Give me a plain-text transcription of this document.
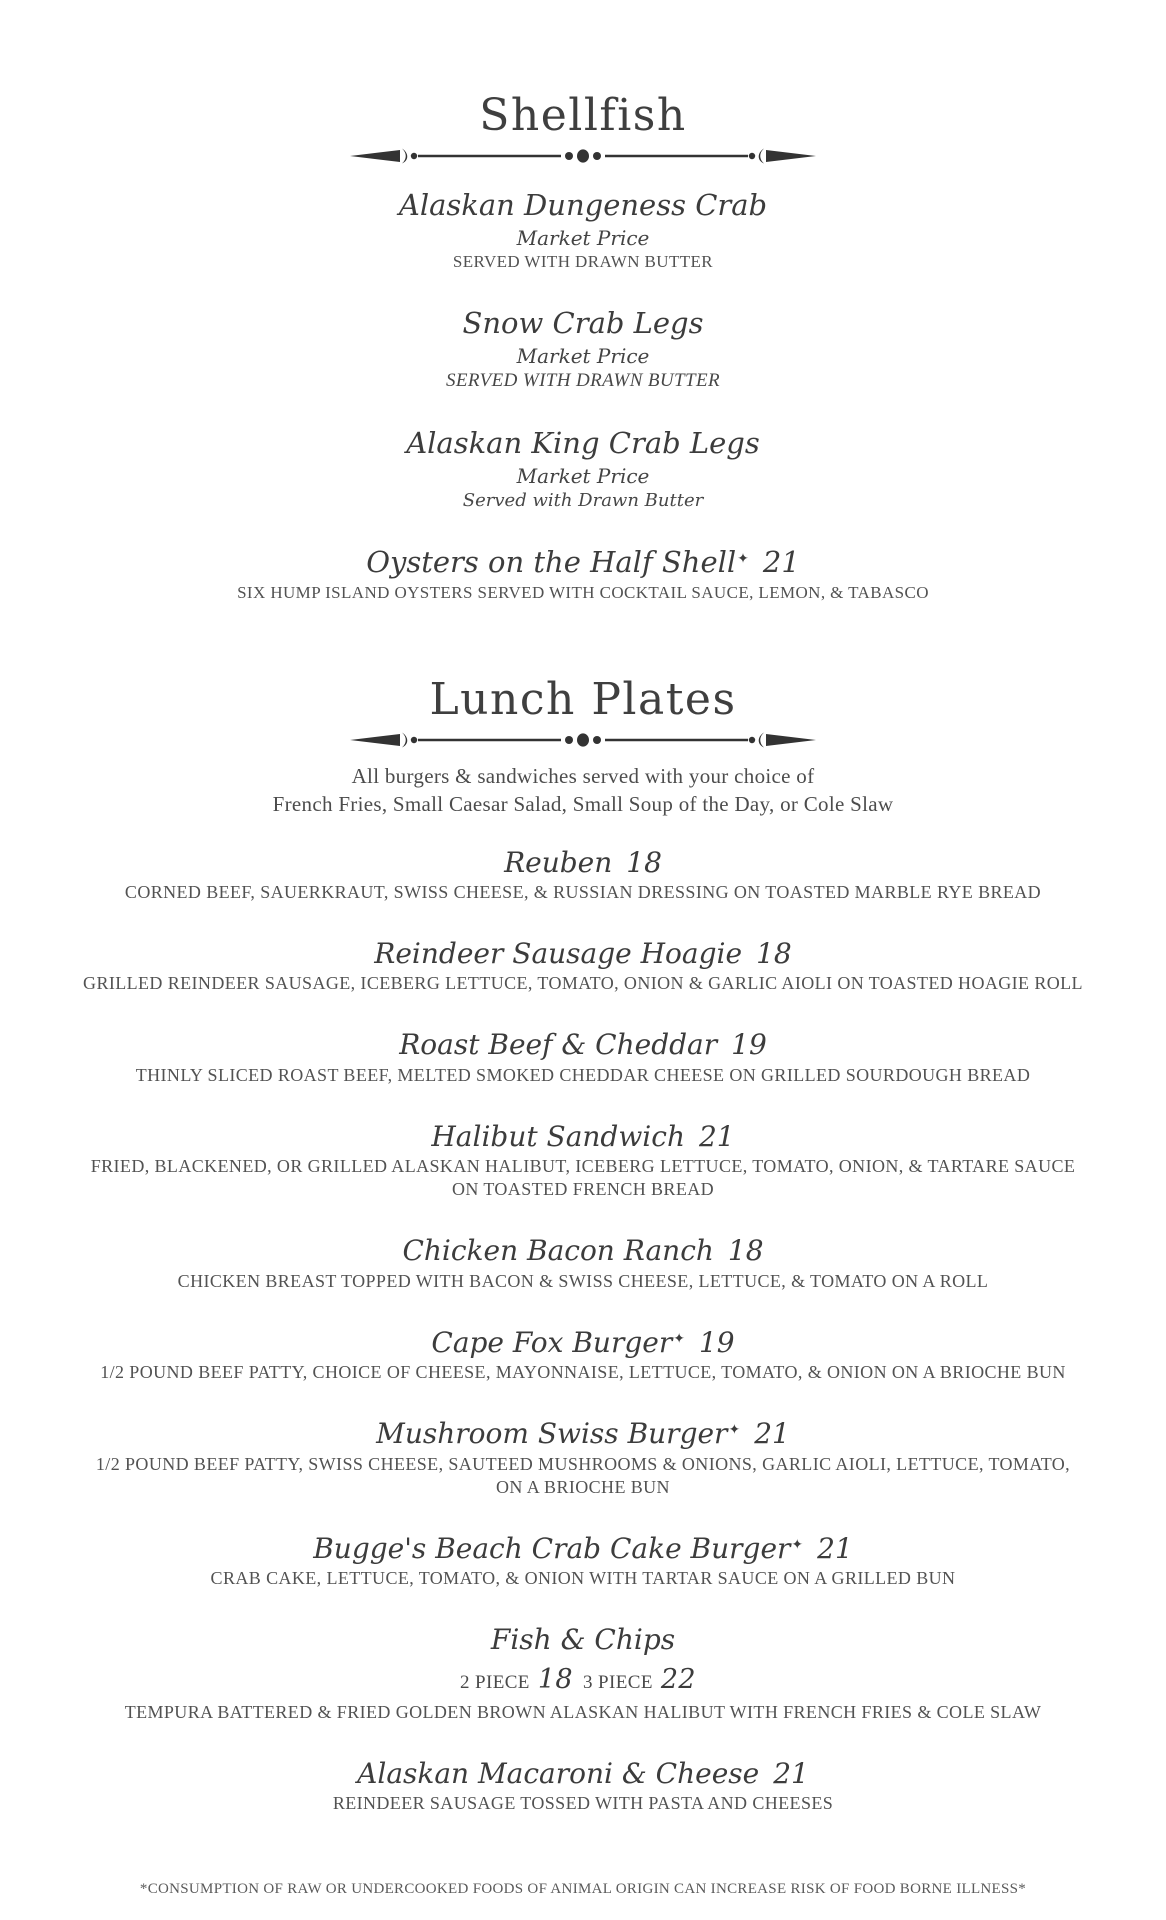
Shellfish
Alaskan Dungeness Crab
Market Price
SERVED WITH DRAWN BUTTER
Snow Crab Legs
Market Price
SERVED WITH DRAWN BUTTER
Alaskan King Crab Legs
Market Price
Served with Drawn Butter
Oysters on the Half Shell✦ 21
SIX HUMP ISLAND OYSTERS SERVED WITH COCKTAIL SAUCE, LEMON, & TABASCO
Lunch Plates
All burgers & sandwiches served with your choice of
French Fries, Small Caesar Salad, Small Soup of the Day, or Cole Slaw
Reuben 18
CORNED BEEF, SAUERKRAUT, SWISS CHEESE, & RUSSIAN DRESSING ON TOASTED MARBLE RYE BREAD
Reindeer Sausage Hoagie 18
GRILLED REINDEER SAUSAGE, ICEBERG LETTUCE, TOMATO, ONION & GARLIC AIOLI ON TOASTED HOAGIE ROLL
Roast Beef & Cheddar 19
THINLY SLICED ROAST BEEF, MELTED SMOKED CHEDDAR CHEESE ON GRILLED SOURDOUGH BREAD
Halibut Sandwich 21
FRIED, BLACKENED, OR GRILLED ALASKAN HALIBUT, ICEBERG LETTUCE, TOMATO, ONION, & TARTARE SAUCE
ON TOASTED FRENCH BREAD
Chicken Bacon Ranch 18
CHICKEN BREAST TOPPED WITH BACON & SWISS CHEESE, LETTUCE, & TOMATO ON A ROLL
Cape Fox Burger✦ 19
1/2 POUND BEEF PATTY, CHOICE OF CHEESE, MAYONNAISE, LETTUCE, TOMATO, & ONION ON A BRIOCHE BUN
Mushroom Swiss Burger✦ 21
1/2 POUND BEEF PATTY, SWISS CHEESE, SAUTEED MUSHROOMS & ONIONS, GARLIC AIOLI, LETTUCE, TOMATO,
ON A BRIOCHE BUN
Bugge's Beach Crab Cake Burger✦ 21
CRAB CAKE, LETTUCE, TOMATO, & ONION WITH TARTAR SAUCE ON A GRILLED BUN
Fish & Chips
2 PIECE 18 3 PIECE 22
TEMPURA BATTERED & FRIED GOLDEN BROWN ALASKAN HALIBUT WITH FRENCH FRIES & COLE SLAW
Alaskan Macaroni & Cheese 21
REINDEER SAUSAGE TOSSED WITH PASTA AND CHEESES
*CONSUMPTION OF RAW OR UNDERCOOKED FOODS OF ANIMAL ORIGIN CAN INCREASE RISK OF FOOD BORNE ILLNESS*
